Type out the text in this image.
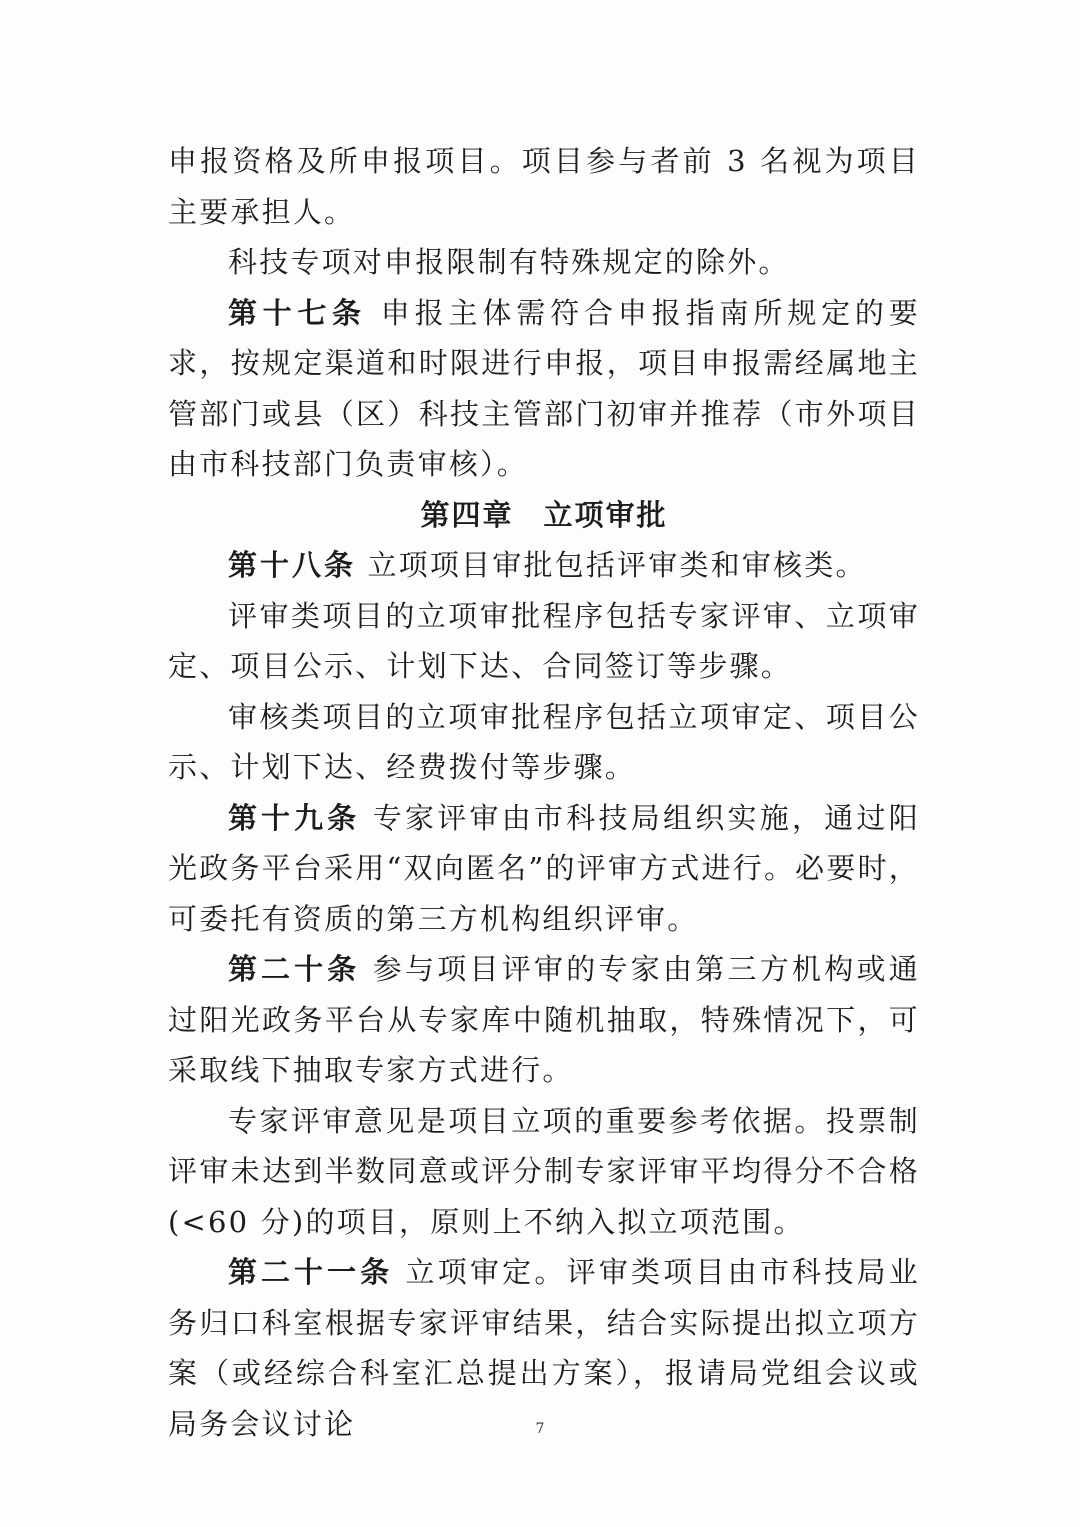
申报资格及所申报项目。项目参与者前 3 名视为项目主要承担人。

科技专项对申报限制有特殊规定的除外。

第十七条 申报主体需符合申报指南所规定的要求，按规定渠道和时限进行申报，项目申报需经属地主管部门或县（区）科技主管部门初审并推荐（市外项目由市科技部门负责审核）。

第四章 立项审批

第十八条 立项项目审批包括评审类和审核类。

评审类项目的立项审批程序包括专家评审、立项审定、项目公示、计划下达、合同签订等步骤。

审核类项目的立项审批程序包括立项审定、项目公示、计划下达、经费拨付等步骤。

第十九条 专家评审由市科技局组织实施，通过阳光政务平台采用“双向匿名”的评审方式进行。必要时，可委托有资质的第三方机构组织评审。

第二十条 参与项目评审的专家由第三方机构或通过阳光政务平台从专家库中随机抽取，特殊情况下，可采取线下抽取专家方式进行。

专家评审意见是项目立项的重要参考依据。投票制评审未达到半数同意或评分制专家评审平均得分不合格(<60 分)的项目，原则上不纳入拟立项范围。

第二十一条 立项审定。评审类项目由市科技局业务归口科室根据专家评审结果，结合实际提出拟立项方案（或经综合科室汇总提出方案），报请局党组会议或局务会议讨论	7
